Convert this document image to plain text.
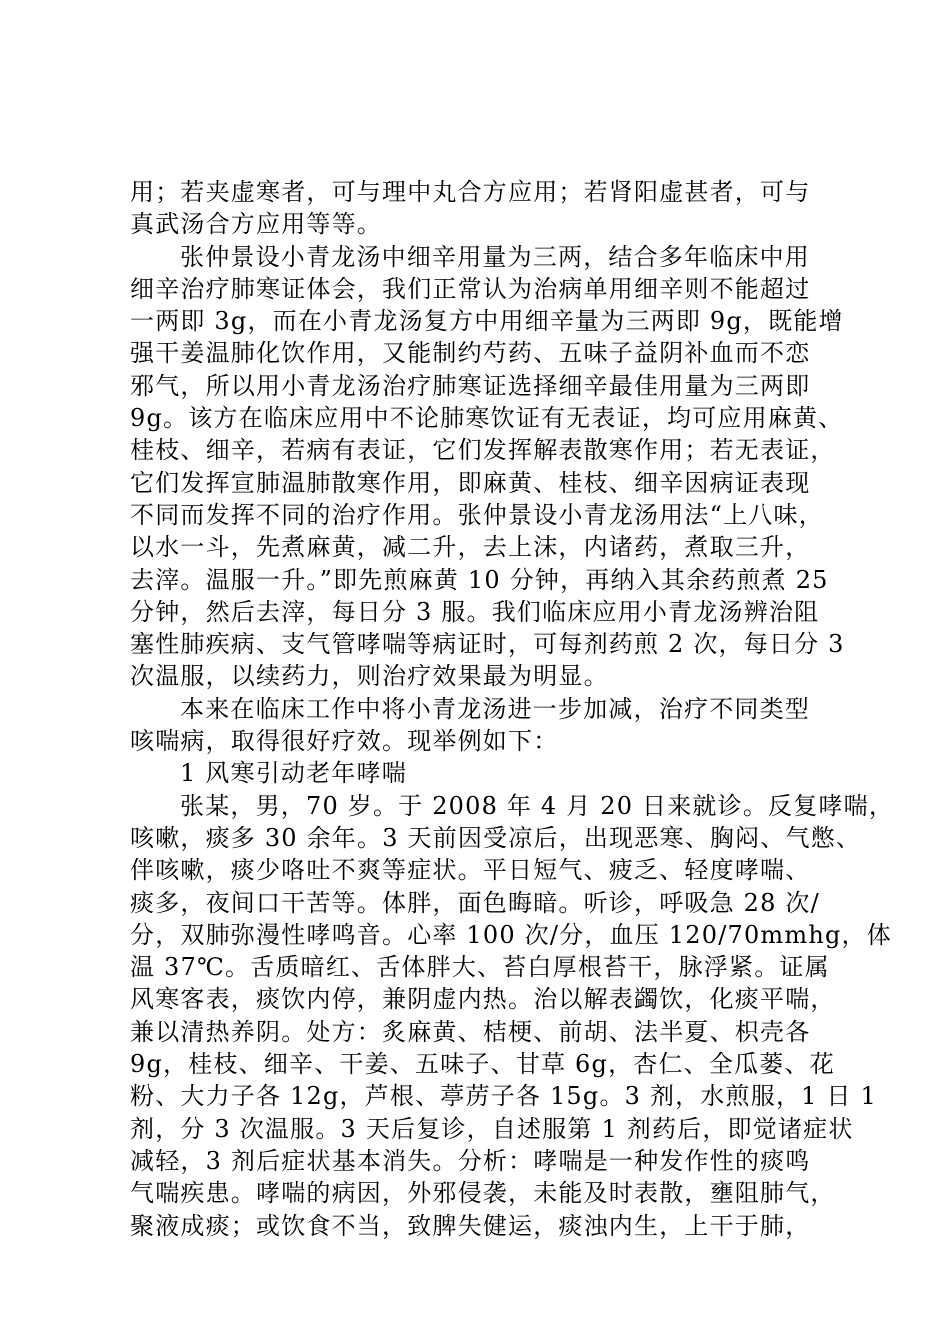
用；若夹虚寒者，可与理中丸合方应用；若肾阳虚甚者，可与
真武汤合方应用等等。
张仲景设小青龙汤中细辛用量为三两，结合多年临床中用
细辛治疗肺寒证体会，我们正常认为治病单用细辛则不能超过
一两即 3g，而在小青龙汤复方中用细辛量为三两即 9g，既能增
强干姜温肺化饮作用，又能制约芍药、五味子益阴补血而不恋
邪气，所以用小青龙汤治疗肺寒证选择细辛最佳用量为三两即
9g。该方在临床应用中不论肺寒饮证有无表证，均可应用麻黄、
桂枝、细辛，若病有表证，它们发挥解表散寒作用；若无表证，
它们发挥宣肺温肺散寒作用，即麻黄、桂枝、细辛因病证表现
不同而发挥不同的治疗作用。张仲景设小青龙汤用法“上八味，
以水一斗，先煮麻黄，减二升，去上沫，内诸药，煮取三升，
去滓。温服一升。”即先煎麻黄 10 分钟，再纳入其余药煎煮 25
分钟，然后去滓，每日分 3 服。我们临床应用小青龙汤辨治阻
塞性肺疾病、支气管哮喘等病证时，可每剂药煎 2 次，每日分 3
次温服，以续药力，则治疗效果最为明显。
本来在临床工作中将小青龙汤进一步加减，治疗不同类型
咳喘病，取得很好疗效。现举例如下：
1 风寒引动老年哮喘
张某，男，70 岁。于 2008 年 4 月 20 日来就诊。反复哮喘，
咳嗽，痰多 30 余年。3 天前因受凉后，出现恶寒、胸闷、气憋、
伴咳嗽，痰少咯吐不爽等症状。平日短气、疲乏、轻度哮喘、
痰多，夜间口干苦等。体胖，面色晦暗。听诊，呼吸急 28 次/
分，双肺弥漫性哮鸣音。心率 100 次/分，血压 120/70mmhg，体
温 37℃。舌质暗红、舌体胖大、苔白厚根苔干，脉浮紧。证属
风寒客表，痰饮内停，兼阴虚内热。治以解表蠲饮，化痰平喘，
兼以清热养阴。处方：炙麻黄、桔梗、前胡、法半夏、枳壳各
9g，桂枝、细辛、干姜、五味子、甘草 6g，杏仁、全瓜蒌、花
粉、大力子各 12g，芦根、葶苈子各 15g。3 剂，水煎服，1 日 1
剂，分 3 次温服。3 天后复诊，自述服第 1 剂药后，即觉诸症状
减轻，3 剂后症状基本消失。分析：哮喘是一种发作性的痰鸣
气喘疾患。哮喘的病因，外邪侵袭，未能及时表散，壅阻肺气，
聚液成痰；或饮食不当，致脾失健运，痰浊内生，上干于肺，
